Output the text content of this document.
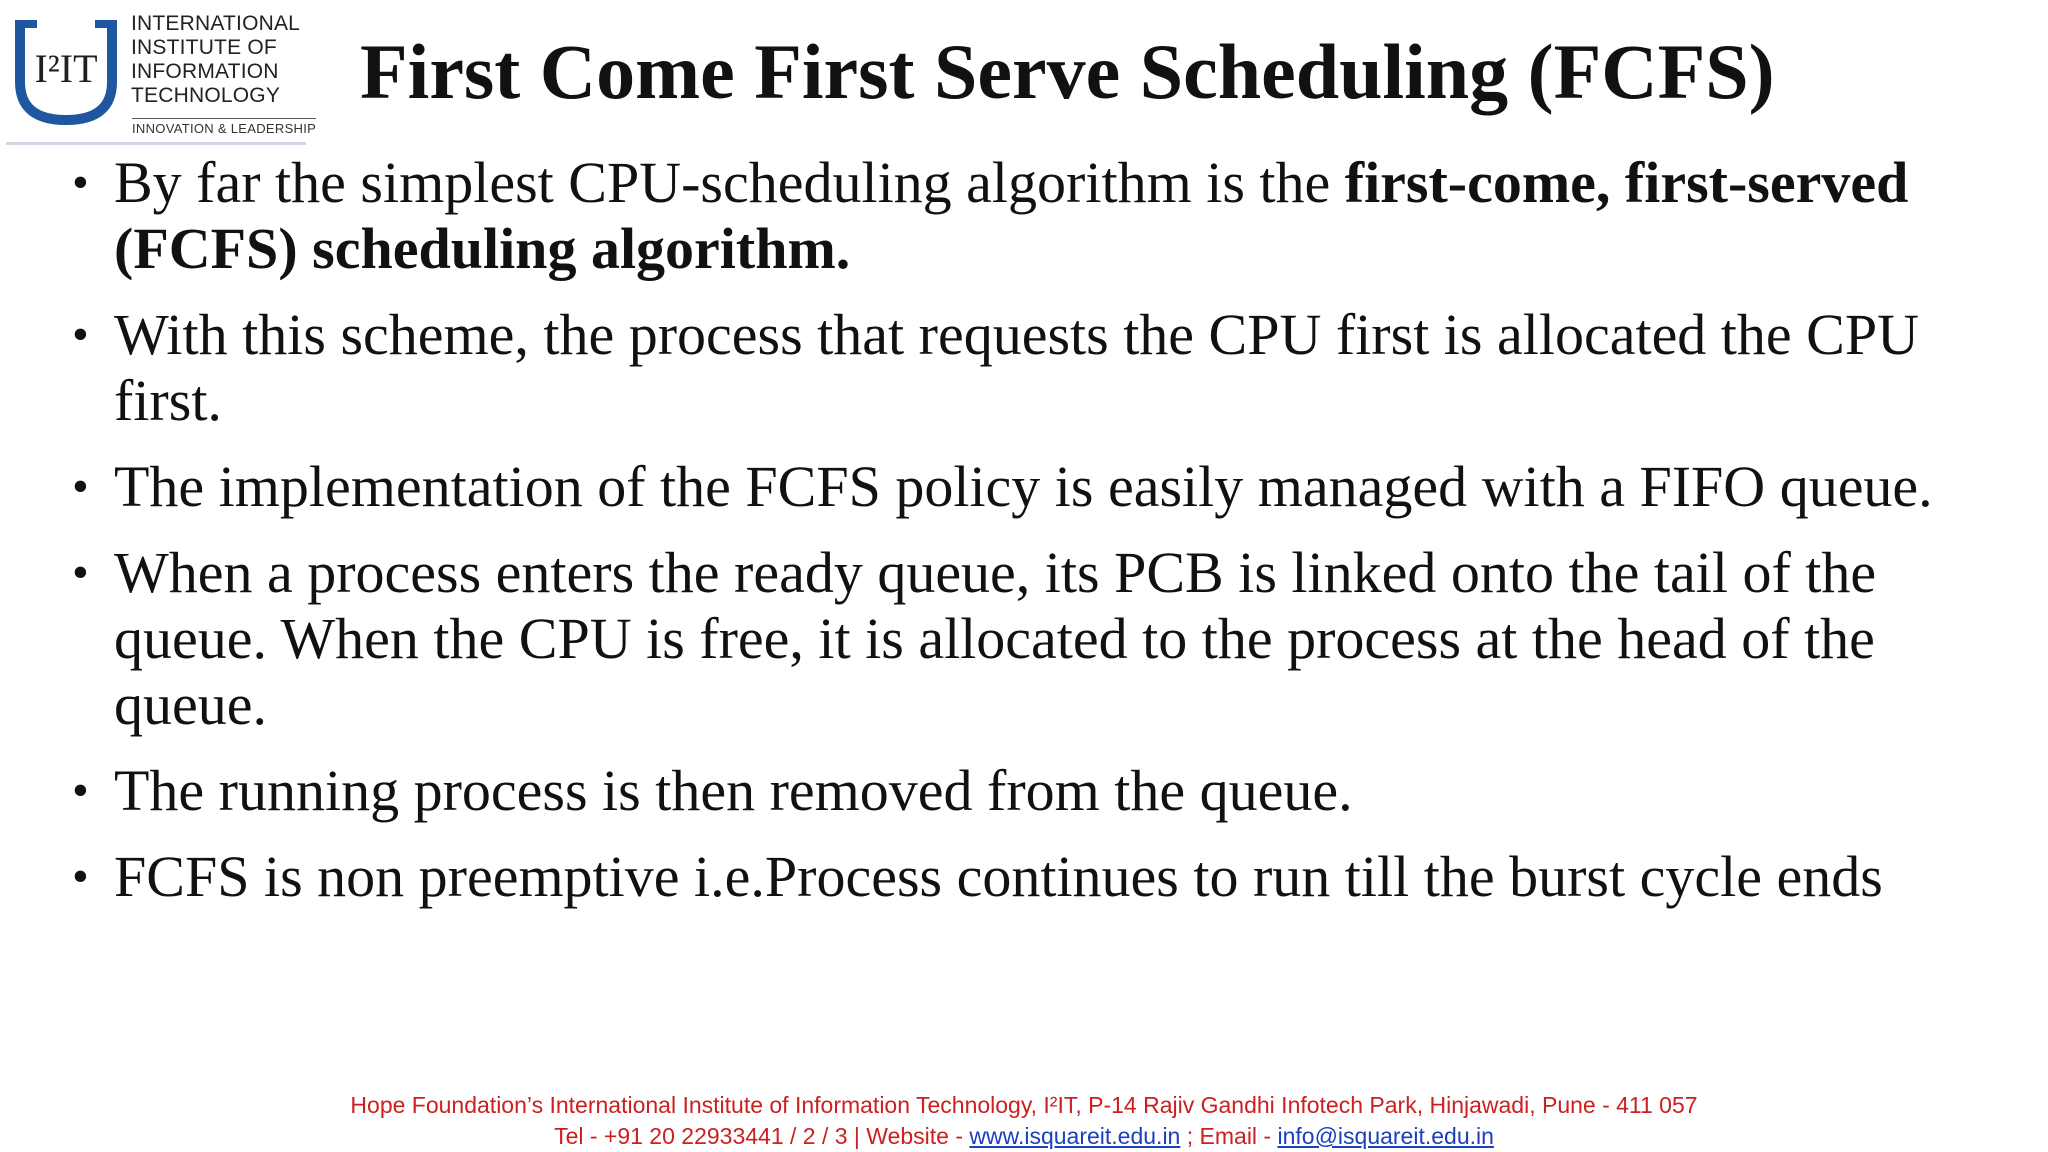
I²IT
INTERNATIONAL
INSTITUTE OF
INFORMATION
TECHNOLOGY
INNOVATION & LEADERSHIP
First Come First Serve Scheduling (FCFS)
• By far the simplest CPU-scheduling algorithm is the first-come, first-served (FCFS) scheduling algorithm.
• With this scheme, the process that requests the CPU first is allocated the CPU first.
• The implementation of the FCFS policy is easily managed with a FIFO queue.
• When a process enters the ready queue, its PCB is linked onto the tail of the queue. When the CPU is free, it is allocated to the process at the head of the queue.
• The running process is then removed from the queue.
• FCFS is non preemptive i.e.Process continues to run till the burst cycle ends
Hope Foundation’s International Institute of Information Technology, I²IT, P-14 Rajiv Gandhi Infotech Park, Hinjawadi, Pune - 411 057
Tel - +91 20 22933441 / 2 / 3 | Website - www.isquareit.edu.in ; Email - info@isquareit.edu.in
